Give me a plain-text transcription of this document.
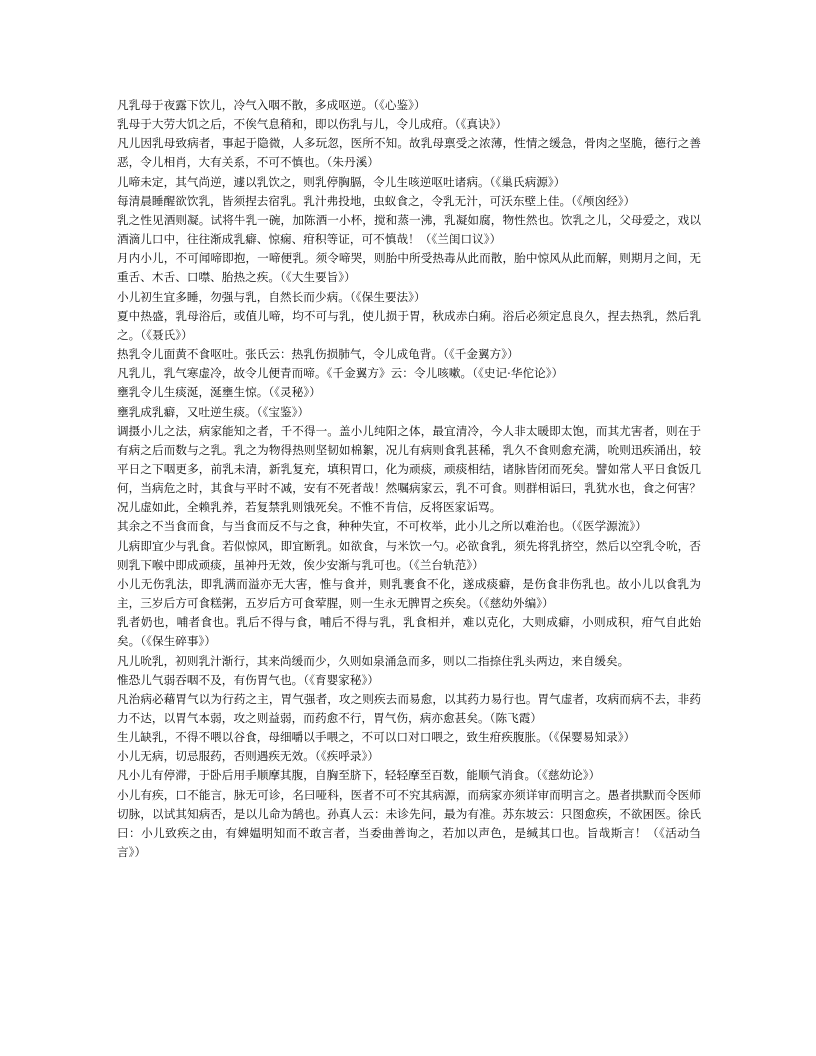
凡乳母于夜露下饮儿，冷气入咽不散，多成呕逆。（《心鉴》）

乳母于大劳大饥之后，不俟气息稍和，即以伤乳与儿，令儿成疳。（《真诀》）

凡儿因乳母致病者，事起于隐微，人多玩忽，医所不知。故乳母禀受之浓薄，性情之缓急，骨肉之坚脆，德行之善恶，令儿相肖，大有关系，不可不慎也。（朱丹溪）

儿啼未定，其气尚逆，遽以乳饮之，则乳停胸膈，令儿生咳逆呕吐诸病。（《巢氏病源》）

每清晨睡醒欲饮乳，皆须捏去宿乳。乳汁弗投地，虫蚁食之，令乳无汁，可沃东壁上佳。（《颅囟经》）

乳之性见酒则凝。试将牛乳一碗，加陈酒一小杯，搅和蒸一沸，乳凝如腐，物性然也。饮乳之儿，父母爱之，戏以酒滴儿口中，往往渐成乳癖、惊痫、疳积等证，可不慎哉！（《兰闺口议》）

月内小儿，不可闻啼即抱，一啼便乳。须令啼哭，则胎中所受热毒从此而散，胎中惊风从此而解，则期月之间，无重舌、木舌、口噤、胎热之疾。（《大生要旨》）

小儿初生宜多睡，勿强与乳，自然长而少病。（《保生要法》）

夏中热盛，乳母浴后，或值儿啼，均不可与乳，使儿损于胃，秋成赤白痢。浴后必须定息良久，捏去热乳，然后乳之。（《聂氏》）

热乳令儿面黄不食呕吐。张氏云：热乳伤损肺气，令儿成龟背。（《千金翼方》）

凡乳儿，乳气寒虚冷，故令儿便青而啼。《千金翼方》云：令儿咳嗽。（《史记·华佗论》）

壅乳令儿生痰涎，涎壅生惊。（《灵秘》）

壅乳成乳癖，又吐逆生痰。（《宝鉴》）

调摄小儿之法，病家能知之者，千不得一。盖小儿纯阳之体，最宜清冷，今人非太暖即太饱，而其尤害者，则在于有病之后而数与之乳。乳之为物得热则坚韧如棉絮，况儿有病则食乳甚稀，乳久不食则愈充满，吮则迅疾涌出，较平日之下咽更多，前乳未清，新乳复充，填积胃口，化为顽痰，顽痰相结，诸脉皆闭而死矣。譬如常人平日食饭几何，当病危之时，其食与平时不减，安有不死者哉！然嘱病家云，乳不可食。则群相诟曰，乳犹水也，食之何害？况儿虚如此，全赖乳养，若复禁乳则饿死矣。不惟不肯信，反将医家诟骂。

其余之不当食而食，与当食而反不与之食，种种失宜，不可枚举，此小儿之所以难治也。（《医学源流》）

儿病即宜少与乳食。若似惊风，即宜断乳。如欲食，与米饮一勺。必欲食乳，须先将乳挤空，然后以空乳令吮，否则乳下喉中即成顽痰，虽神丹无效，俟少安渐与乳可也。（《兰台轨范》）

小儿无伤乳法，即乳满而溢亦无大害，惟与食并，则乳裹食不化，遂成痰癖，是伤食非伤乳也。故小儿以食乳为主，三岁后方可食糕粥，五岁后方可食荤腥，则一生永无脾胃之疾矣。（《慈幼外编》）

乳者奶也，哺者食也。乳后不得与食，哺后不得与乳，乳食相并，难以克化，大则成癖，小则成积，疳气自此始矣。（《保生碎事》）

凡儿吮乳，初则乳汁渐行，其来尚缓而少，久则如泉涌急而多，则以二指捺住乳头两边，来自缓矣。

惟恐儿气弱吞咽不及，有伤胃气也。（《育婴家秘》）

凡治病必藉胃气以为行药之主，胃气强者，攻之则疾去而易愈，以其药力易行也。胃气虚者，攻病而病不去，非药力不达，以胃气本弱，攻之则益弱，而药愈不行，胃气伤，病亦愈甚矣。（陈飞霞）

生儿缺乳，不得不喂以谷食，母细嚼以手喂之，不可以口对口喂之，致生疳疾腹胀。（《保婴易知录》）

小儿无病，切忌服药，否则遇疾无效。（《疾呼录》）

凡小儿有停滞，于卧后用手顺摩其腹，自胸至脐下，轻轻摩至百数，能顺气消食。（《慈幼论》）

小儿有疾，口不能言，脉无可诊，名曰哑科，医者不可不究其病源，而病家亦须详审而明言之。愚者拱默而令医师切脉，以试其知病否，是以儿命为鹄也。孙真人云：未诊先问，最为有准。苏东坡云：只图愈疾，不欲困医。徐氏曰：小儿致疾之由，有婢媪明知而不敢言者，当委曲善询之，若加以声色，是缄其口也。旨哉斯言！（《活动刍言》）
